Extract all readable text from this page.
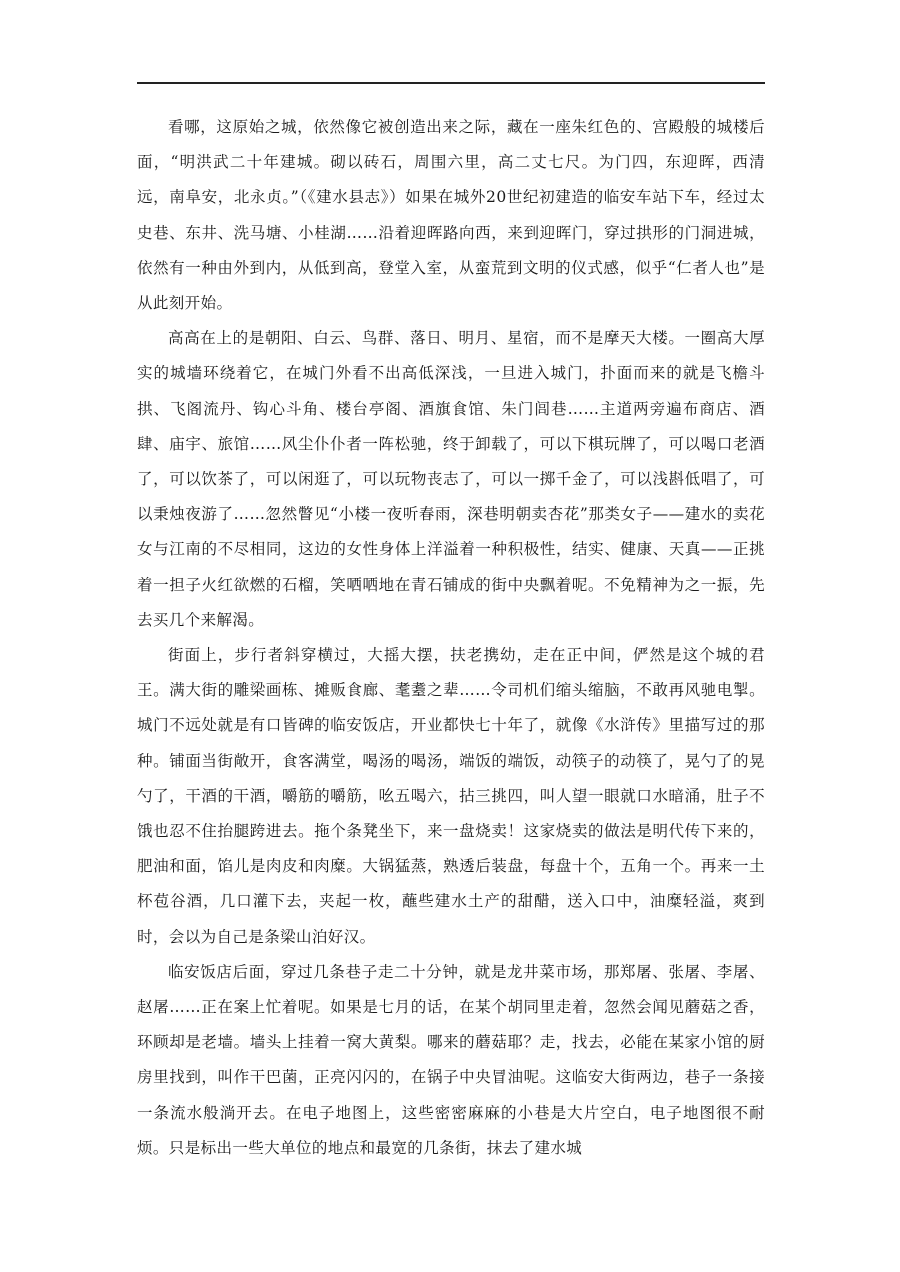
看哪，这原始之城，依然像它被创造出来之际，藏在一座朱红色的、宫殿般的城楼后面，“明洪武二十年建城。砌以砖石，周围六里，高二丈七尺。为门四，东迎晖，西清远，南阜安，北永贞。”（《建水县志》）如果在城外20世纪初建造的临安车站下车，经过太史巷、东井、洗马塘、小桂湖……沿着迎晖路向西，来到迎晖门，穿过拱形的门洞进城，依然有一种由外到内，从低到高，登堂入室，从蛮荒到文明的仪式感，似乎“仁者人也”是从此刻开始。

高高在上的是朝阳、白云、鸟群、落日、明月、星宿，而不是摩天大楼。一圈高大厚实的城墙环绕着它，在城门外看不出高低深浅，一旦进入城门，扑面而来的就是飞檐斗拱、飞阁流丹、钩心斗角、楼台亭阁、酒旗食馆、朱门闾巷……主道两旁遍布商店、酒肆、庙宇、旅馆……风尘仆仆者一阵松驰，终于卸载了，可以下棋玩牌了，可以喝口老酒了，可以饮茶了，可以闲逛了，可以玩物丧志了，可以一掷千金了，可以浅斟低唱了，可以秉烛夜游了……忽然瞥见“小楼一夜听春雨，深巷明朝卖杏花”那类女子——建水的卖花女与江南的不尽相同，这边的女性身体上洋溢着一种积极性，结实、健康、天真——正挑着一担子火红欲燃的石榴，笑哂哂地在青石铺成的街中央飘着呢。不免精神为之一振，先去买几个来解渴。

街面上，步行者斜穿横过，大摇大摆，扶老携幼，走在正中间，俨然是这个城的君王。满大街的雕梁画栋、摊贩食廊、耄耋之辈……令司机们缩头缩脑，不敢再风驰电掣。城门不远处就是有口皆碑的临安饭店，开业都快七十年了，就像《水浒传》里描写过的那种。铺面当街敞开，食客满堂，喝汤的喝汤，端饭的端饭，动筷子的动筷了，晃勺了的晃勺了，干酒的干酒，嚼筋的嚼筋，吆五喝六，拈三挑四，叫人望一眼就口水暗涌，肚子不饿也忍不住抬腿跨进去。拖个条凳坐下，来一盘烧卖！这家烧卖的做法是明代传下来的，肥油和面，馅儿是肉皮和肉糜。大锅猛蒸，熟透后装盘，每盘十个，五角一个。再来一土杯苞谷酒，几口灌下去，夹起一枚，蘸些建水土产的甜醋，送入口中，油糜轻溢，爽到时，会以为自己是条梁山泊好汉。

临安饭店后面，穿过几条巷子走二十分钟，就是龙井菜市场，那郑屠、张屠、李屠、赵屠……正在案上忙着呢。如果是七月的话，在某个胡同里走着，忽然会闻见蘑菇之香，环顾却是老墙。墙头上挂着一窝大黄梨。哪来的蘑菇耶？走，找去，必能在某家小馆的厨房里找到，叫作干巴菌，正亮闪闪的，在锅子中央冒油呢。这临安大街两边，巷子一条接一条流水般淌开去。在电子地图上，这些密密麻麻的小巷是大片空白，电子地图很不耐烦。只是标出一些大单位的地点和最宽的几条街，抹去了建水城
